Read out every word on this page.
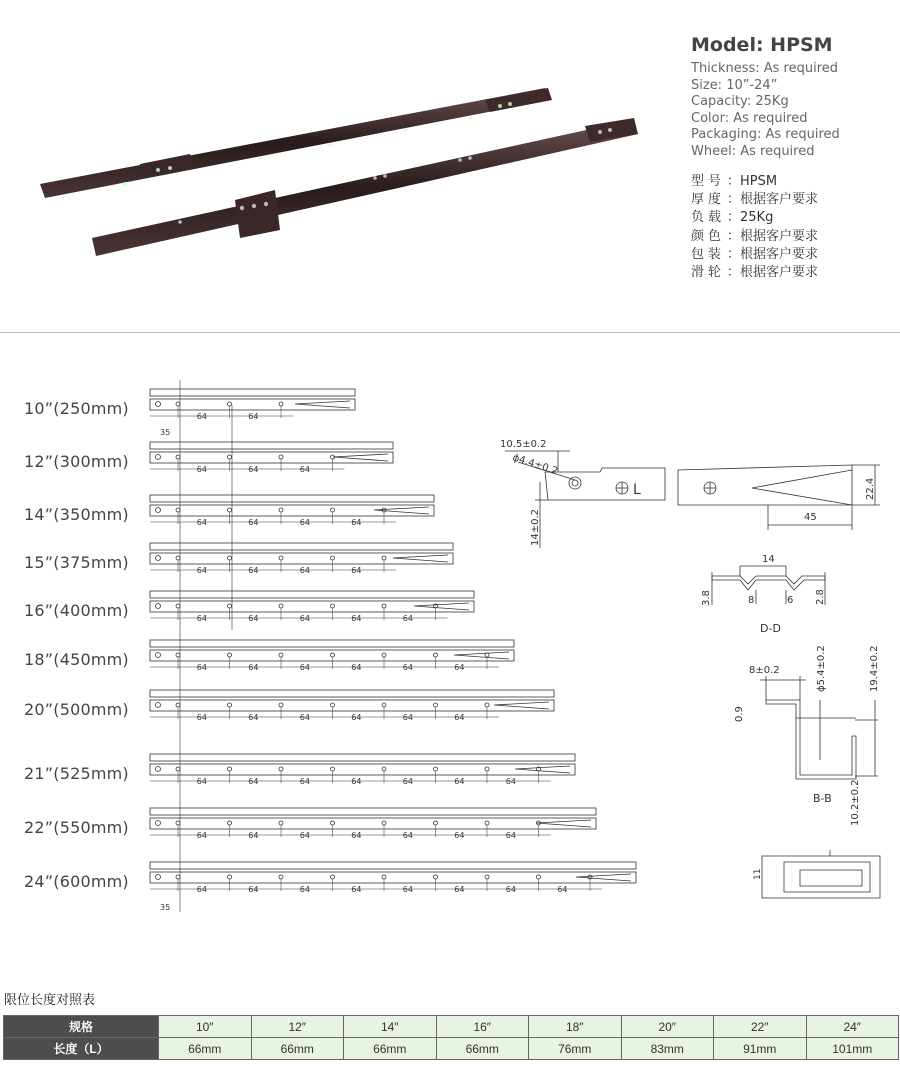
Model: HPSM
Thickness: As required
Size: 10”-24”
Capacity: 25Kg
Color: As required
Packaging: As required
Wheel: As required
型号 ：HPSM
厚度 ：根据客户要求
负载 ：25Kg
颜色 ：根据客户要求
包装 ：根据客户要求
滑轮 ：根据客户要求
10”(250mm)
12”(300mm)
14”(350mm)
15”(375mm)
16”(400mm)
18”(450mm)
20”(500mm)
21”(525mm)
22”(550mm)
24”(600mm)
64	64
64	64	64
64	64	64	64
64	64	64	64
64	64	64	64	64
64	64	64	64	64	64
64	64	64	64	64	64
64	64	64	64	64	64	64
64	64	64	64	64	64	64
64	64	64	64	64	64	64	64
35
35
10.5±0.2
ϕ4.4±0.2
14±0.2
L
45
22.4
14
3.8	8	6 2.8
D-D
8±0.2	ϕ5.4±0.2	19.4±0.2
0.9
10.2±0.2
B-B
11
限位长度对照表
规格	10″	12″	14″	16″	18″	20″	22″	24″
长度（L）	66mm	66mm	66mm	66mm	76mm	83mm	91mm	101mm
